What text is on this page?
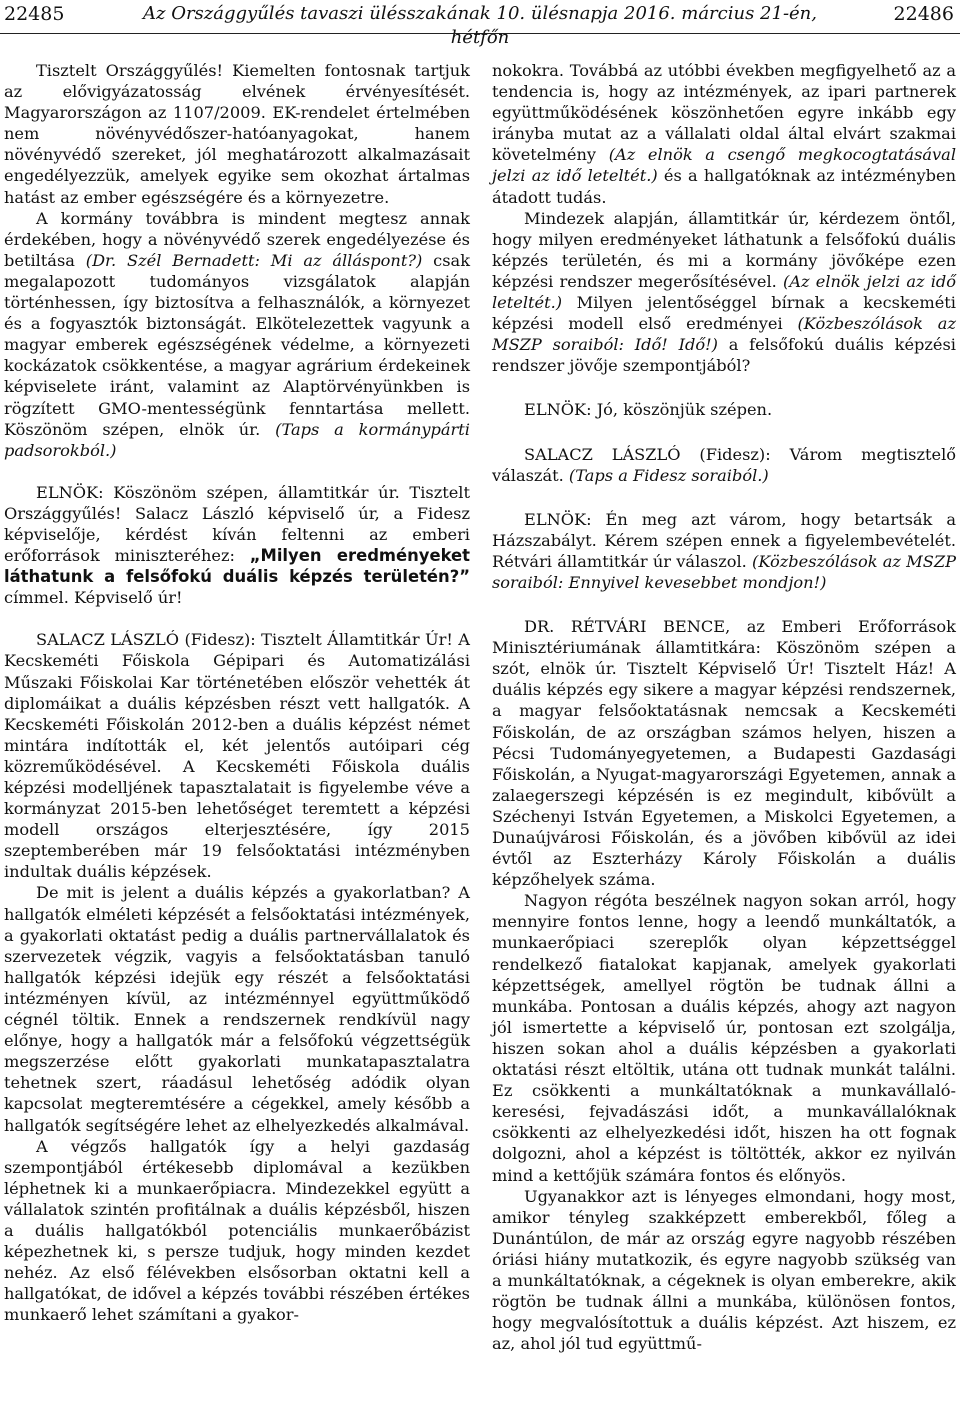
22485	Az Országgyűlés tavaszi ülésszakának 10. ülésnapja 2016. március 21-én, hétfőn
22486

Tisztelt Országgyűlés! Kiemelten fontosnak tartjuk az elővigyázatosság elvének érvényesítését. Magyarországon az 1107/2009. EK-rendelet értelmében nem növényvédőszer-hatóanyagokat, hanem növényvédő szereket, jól meghatározott alkalmazásait engedélyezzük, amelyek egyike sem okozhat ártalmas hatást az ember egészségére és a környezetre.

A kormány továbbra is mindent megtesz annak érdekében, hogy a növényvédő szerek engedélyezése és betiltása (Dr. Szél Bernadett: Mi az álláspont?) csak megalapozott tudományos vizsgálatok alapján történhessen, így biztosítva a felhasználók, a környezet és a fogyasztók biztonságát. Elkötelezettek vagyunk a magyar emberek egészségének védelme, a környezeti kockázatok csökkentése, a magyar agrárium érdekeinek képviselete iránt, valamint az Alaptörvényünkben is rögzített GMO-mentességünk fenntartása mellett. Köszönöm szépen, elnök úr. (Taps a kormánypárti padsorokból.)

ELNÖK: Köszönöm szépen, államtitkár úr. Tisztelt Országgyűlés! Salacz László képviselő úr, a Fidesz képviselője, kérdést kíván feltenni az emberi erőforrások miniszteréhez: „Milyen eredményeket láthatunk a felsőfokú duális képzés területén?” címmel. Képviselő úr!

SALACZ LÁSZLÓ (Fidesz): Tisztelt Államtitkár Úr! A Kecskeméti Főiskola Gépipari és Automatizálási Műszaki Főiskolai Kar történetében először vehették át diplomáikat a duális képzésben részt vett hallgatók. A Kecskeméti Főiskolán 2012-ben a duális képzést német mintára indították el, két jelentős autóipari cég közreműködésével. A Kecskeméti Főiskola duális képzési modelljének tapasztalatait is figyelembe véve a kormányzat 2015-ben lehetőséget teremtett a képzési modell országos elterjesztésére, így 2015 szeptemberében már 19 felsőoktatási intézményben indultak duális képzések.

De mit is jelent a duális képzés a gyakorlatban? A hallgatók elméleti képzését a felsőoktatási intézmények, a gyakorlati oktatást pedig a duális partnervállalatok és szervezetek végzik, vagyis a felsőoktatásban tanuló hallgatók képzési idejük egy részét a felsőoktatási intézményen kívül, az intézménnyel együttműködő cégnél töltik. Ennek a rendszernek rendkívül nagy előnye, hogy a hallgatók már a felsőfokú végzettségük megszerzése előtt gyakorlati munkatapasztalatra tehetnek szert, ráadásul lehetőség adódik olyan kapcsolat megteremtésére a cégekkel, amely később a hallgatók segítségére lehet az elhelyezkedés alkalmával.

A végzős hallgatók így a helyi gazdaság szempontjából értékesebb diplomával a kezükben léphetnek ki a munkaerőpiacra. Mindezekkel együtt a vállalatok szintén profitálnak a duális képzésből, hiszen a duális hallgatókból potenciális munkaerőbázist képezhetnek ki, s persze tudjuk, hogy minden kezdet nehéz. Az első félévekben elsősorban oktatni kell a hallgatókat, de idővel a képzés további részében értékes munkaerő lehet számítani a gyakor-

nokokra. Továbbá az utóbbi években megfigyelhető az a tendencia is, hogy az intézmények, az ipari partnerek együttműködésének köszönhetően egyre inkább egy irányba mutat az a vállalati oldal által elvárt szakmai követelmény (Az elnök a csengő megkocogtatásával jelzi az idő leteltét.) és a hallgatóknak az intézményben átadott tudás.

Mindezek alapján, államtitkár úr, kérdezem öntől, hogy milyen eredményeket láthatunk a felsőfokú duális képzés területén, és mi a kormány jövőképe ezen képzési rendszer megerősítésével. (Az elnök jelzi az idő leteltét.) Milyen jelentőséggel bírnak a kecskeméti képzési modell első eredményei (Közbeszólások az MSZP soraiból: Idő! Idő!) a felsőfokú duális képzési rendszer jövője szempontjából?

ELNÖK: Jó, köszönjük szépen.

SALACZ LÁSZLÓ (Fidesz): Várom megtisztelő válaszát. (Taps a Fidesz soraiból.)

ELNÖK: Én meg azt várom, hogy betartsák a Házszabályt. Kérem szépen ennek a figyelembevételét. Rétvári államtitkár úr válaszol. (Közbeszólások az MSZP soraiból: Ennyivel kevesebbet mondjon!)

DR. RÉTVÁRI BENCE, az Emberi Erőforrások Minisztériumának államtitkára: Köszönöm szépen a szót, elnök úr. Tisztelt Képviselő Úr! Tisztelt Ház! A duális képzés egy sikere a magyar képzési rendszernek, a magyar felsőoktatásnak nemcsak a Kecskeméti Főiskolán, de az országban számos helyen, hiszen a Pécsi Tudományegyetemen, a Budapesti Gazdasági Főiskolán, a Nyugat-magyarországi Egyetemen, annak a zalaegerszegi képzésén is ez megindult, kibővült a Széchenyi István Egyetemen, a Miskolci Egyetemen, a Dunaújvárosi Főiskolán, és a jövőben kibővül az idei évtől az Eszterházy Károly Főiskolán a duális képzőhelyek száma.

Nagyon régóta beszélnek nagyon sokan arról, hogy mennyire fontos lenne, hogy a leendő munkáltatók, a munkaerőpiaci szereplők olyan képzettséggel rendelkező fiatalokat kapjanak, amelyek gyakorlati képzettségek, amellyel rögtön be tudnak állni a munkába. Pontosan a duális képzés, ahogy azt nagyon jól ismertette a képviselő úr, pontosan ezt szolgálja, hiszen sokan ahol a duális képzésben a gyakorlati oktatási részt eltöltik, utána ott tudnak munkát találni. Ez csökkenti a munkáltatóknak a munkavállaló-keresési, fejvadászási időt, a munkavállalóknak csökkenti az elhelyezkedési időt, hiszen ha ott fognak dolgozni, ahol a képzést is töltötték, akkor ez nyilván mind a kettőjük számára fontos és előnyös.

Ugyanakkor azt is lényeges elmondani, hogy most, amikor tényleg szakképzett emberekből, főleg a Dunántúlon, de már az ország egyre nagyobb részében óriási hiány mutatkozik, és egyre nagyobb szükség van a munkáltatóknak, a cégeknek is olyan emberekre, akik rögtön be tudnak állni a munkába, különösen fontos, hogy megvalósítottuk a duális képzést. Azt hiszem, ez az, ahol jól tud együttmű-
